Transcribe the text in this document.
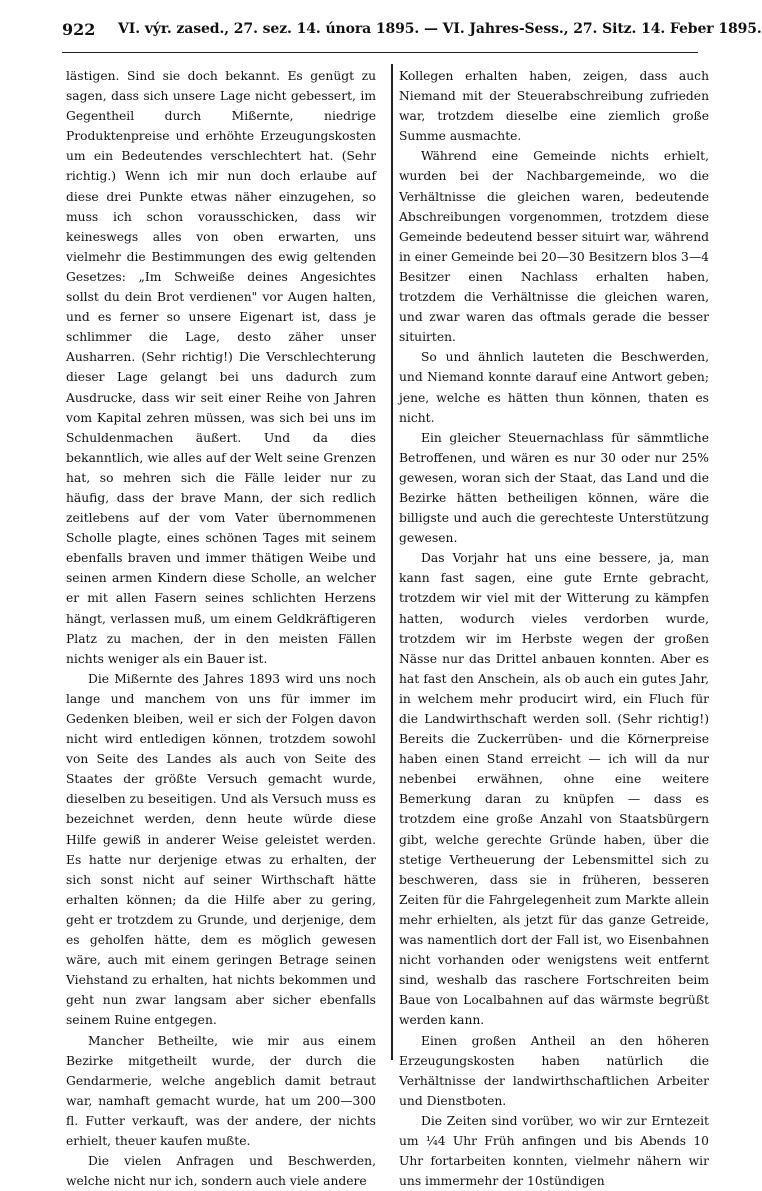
922 VI. výr. zased., 27. sez. 14. února 1895. — VI. Jahres-Sess., 27. Sitz. 14. Feber 1895.

lästigen. Sind sie doch bekannt. Es genügt zu sagen, dass sich unsere Lage nicht gebessert, im Gegentheil durch Mißernte, niedrige Produktenpreise und erhöhte Erzeugungskosten um ein Bedeutendes verschlechtert hat. (Sehr richtig.) Wenn ich mir nun doch erlaube auf diese drei Punkte etwas näher einzugehen, so muss ich schon vorausschicken, dass wir keineswegs alles von oben erwarten, uns vielmehr die Bestimmungen des ewig geltenden Gesetzes: „Im Schweiße deines Angesichtes sollst du dein Brot verdienen" vor Augen halten, und es ferner so unsere Eigenart ist, dass je schlimmer die Lage, desto zäher unser Ausharren. (Sehr richtig!) Die Verschlechterung dieser Lage gelangt bei uns dadurch zum Ausdrucke, dass wir seit einer Reihe von Jahren vom Kapital zehren müssen, was sich bei uns im Schuldenmachen äußert. Und da dies bekanntlich, wie alles auf der Welt seine Grenzen hat, so mehren sich die Fälle leider nur zu häufig, dass der brave Mann, der sich redlich zeitlebens auf der vom Vater übernommenen Scholle plagte, eines schönen Tages mit seinem ebenfalls braven und immer thätigen Weibe und seinen armen Kindern diese Scholle, an welcher er mit allen Fasern seines schlichten Herzens hängt, verlassen muß, um einem Geldkräftigeren Platz zu machen, der in den meisten Fällen nichts weniger als ein Bauer ist.

Die Mißernte des Jahres 1893 wird uns noch lange und manchem von uns für immer im Gedenken bleiben, weil er sich der Folgen davon nicht wird entledigen können, trotzdem sowohl von Seite des Landes als auch von Seite des Staates der größte Versuch gemacht wurde, dieselben zu beseitigen. Und als Versuch muss es bezeichnet werden, denn heute würde diese Hilfe gewiß in anderer Weise geleistet werden. Es hatte nur derjenige etwas zu erhalten, der sich sonst nicht auf seiner Wirthschaft hätte erhalten können; da die Hilfe aber zu gering, geht er trotzdem zu Grunde, und derjenige, dem es geholfen hätte, dem es möglich gewesen wäre, auch mit einem geringen Betrage seinen Viehstand zu erhalten, hat nichts bekommen und geht nun zwar langsam aber sicher ebenfalls seinem Ruine entgegen.

Mancher Betheilte, wie mir aus einem Bezirke mitgetheilt wurde, der durch die Gendarmerie, welche angeblich damit betraut war, namhaft gemacht wurde, hat um 200—300 fl. Futter verkauft, was der andere, der nichts erhielt, theuer kaufen mußte.

Die vielen Anfragen und Beschwerden, welche nicht nur ich, sondern auch viele andere

Kollegen erhalten haben, zeigen, dass auch Niemand mit der Steuerabschreibung zufrieden war, trotzdem dieselbe eine ziemlich große Summe ausmachte.

Während eine Gemeinde nichts erhielt, wurden bei der Nachbargemeinde, wo die Verhältnisse die gleichen waren, bedeutende Abschreibungen vorgenommen, trotzdem diese Gemeinde bedeutend besser situirt war, während in einer Gemeinde bei 20—30 Besitzern blos 3—4 Besitzer einen Nachlass erhalten haben, trotzdem die Verhältnisse die gleichen waren, und zwar waren das oftmals gerade die besser situirten.

So und ähnlich lauteten die Beschwerden, und Niemand konnte darauf eine Antwort geben; jene, welche es hätten thun können, thaten es nicht.

Ein gleicher Steuernachlass für sämmtliche Betroffenen, und wären es nur 30 oder nur 25% gewesen, woran sich der Staat, das Land und die Bezirke hätten betheiligen können, wäre die billigste und auch die gerechteste Unterstützung gewesen.

Das Vorjahr hat uns eine bessere, ja, man kann fast sagen, eine gute Ernte gebracht, trotzdem wir viel mit der Witterung zu kämpfen hatten, wodurch vieles verdorben wurde, trotzdem wir im Herbste wegen der großen Nässe nur das Drittel anbauen konnten. Aber es hat fast den Anschein, als ob auch ein gutes Jahr, in welchem mehr producirt wird, ein Fluch für die Landwirthschaft werden soll. (Sehr richtig!) Bereits die Zuckerrüben- und die Körnerpreise haben einen Stand erreicht — ich will da nur nebenbei erwähnen, ohne eine weitere Bemerkung daran zu knüpfen — dass es trotzdem eine große Anzahl von Staatsbürgern gibt, welche gerechte Gründe haben, über die stetige Vertheuerung der Lebensmittel sich zu beschweren, dass sie in früheren, besseren Zeiten für die Fahrgelegenheit zum Markte allein mehr erhielten, als jetzt für das ganze Getreide, was namentlich dort der Fall ist, wo Eisenbahnen nicht vorhanden oder wenigstens weit entfernt sind, weshalb das raschere Fortschreiten beim Baue von Localbahnen auf das wärmste begrüßt werden kann.

Einen großen Antheil an den höheren Erzeugungskosten haben natürlich die Verhältnisse der landwirthschaftlichen Arbeiter und Dienstboten.

Die Zeiten sind vorüber, wo wir zur Erntezeit um ¼4 Uhr Früh anfingen und bis Abends 10 Uhr fortarbeiten konnten, vielmehr nähern wir uns immermehr der 10stündigen
